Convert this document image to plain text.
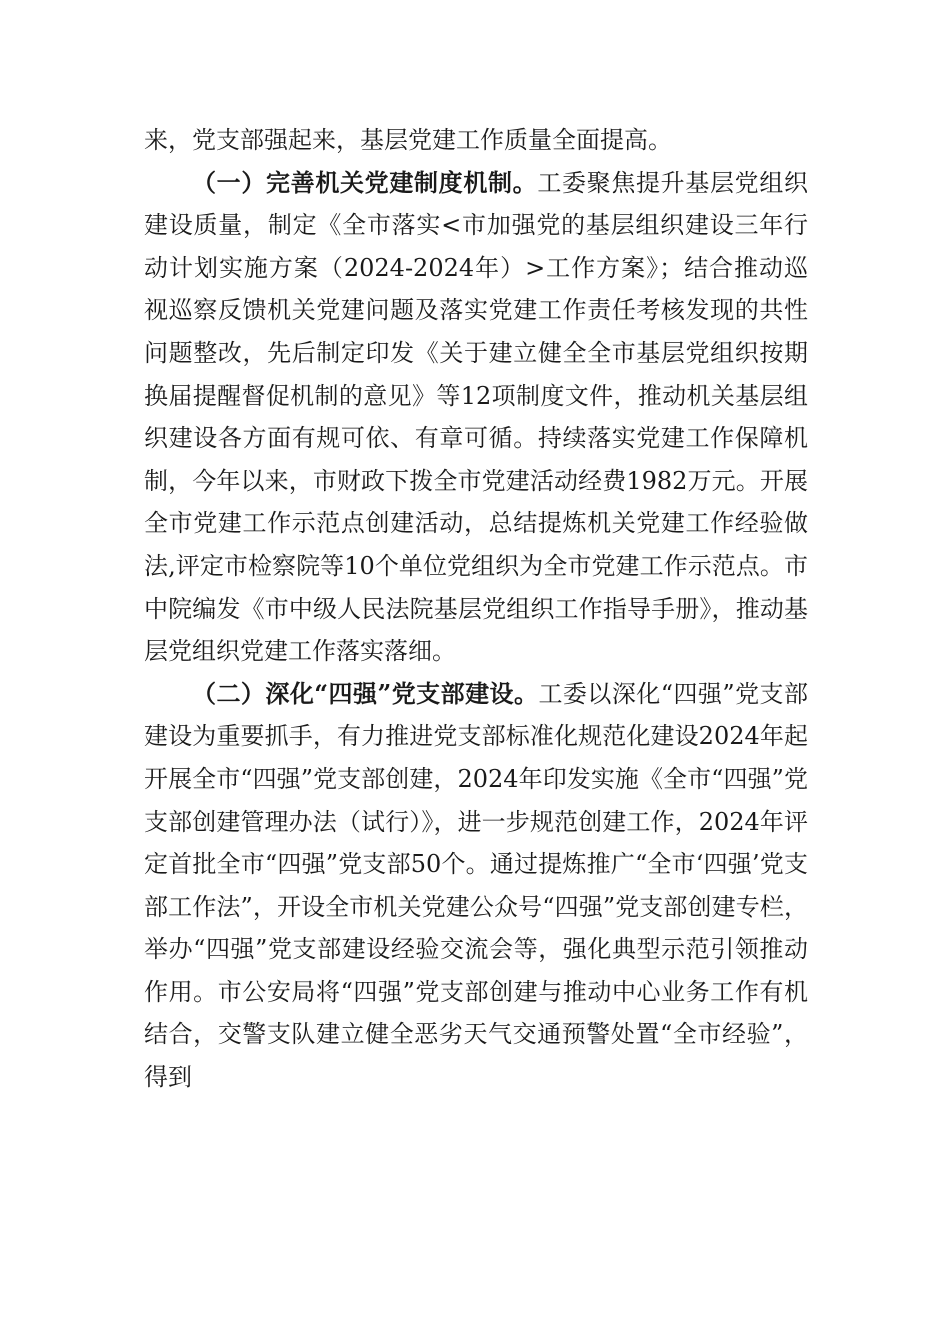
来，党支部强起来，基层党建工作质量全面提高。

（一）完善机关党建制度机制。工委聚焦提升基层党组织建设质量，制定《全市落实<市加强党的基层组织建设三年行动计划实施方案（2024-2024年）>工作方案》；结合推动巡视巡察反馈机关党建问题及落实党建工作责任考核发现的共性问题整改，先后制定印发《关于建立健全全市基层党组织按期换届提醒督促机制的意见》等12项制度文件，推动机关基层组织建设各方面有规可依、有章可循。持续落实党建工作保障机制，今年以来，市财政下拨全市党建活动经费1982万元。开展全市党建工作示范点创建活动，总结提炼机关党建工作经验做法,评定市检察院等10个单位党组织为全市党建工作示范点。市中院编发《市中级人民法院基层党组织工作指导手册》，推动基层党组织党建工作落实落细。

（二）深化“四强”党支部建设。工委以深化“四强”党支部建设为重要抓手，有力推进党支部标准化规范化建设2024年起开展全市“四强”党支部创建，2024年印发实施《全市“四强”党支部创建管理办法（试行）》，进一步规范创建工作，2024年评定首批全市“四强”党支部50个。通过提炼推广“全市‘四强’党支部工作法”，开设全市机关党建公众号“四强”党支部创建专栏，举办“四强”党支部建设经验交流会等，强化典型示范引领推动作用。市公安局将“四强”党支部创建与推动中心业务工作有机结合，交警支队建立健全恶劣天气交通预警处置“全市经验”，得到
